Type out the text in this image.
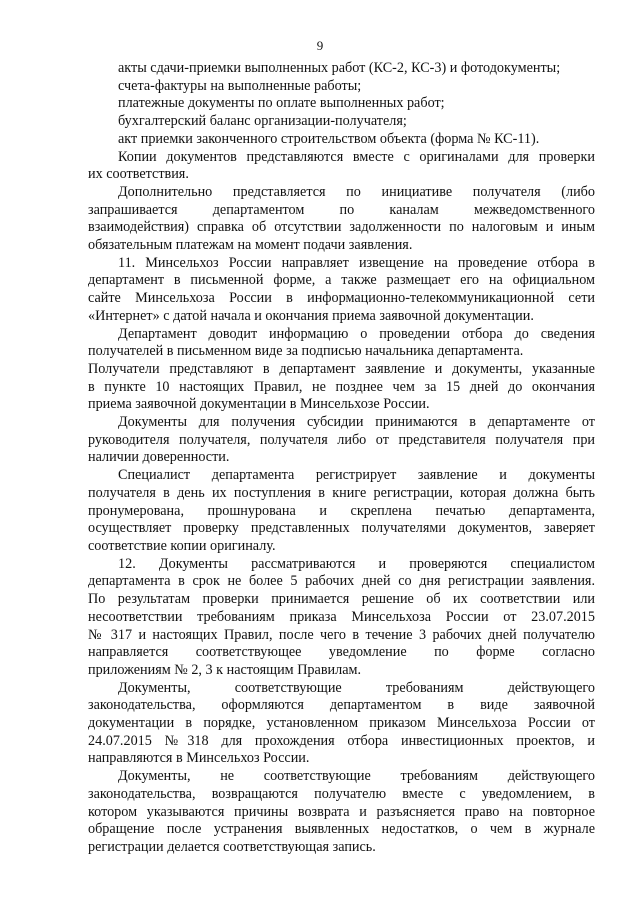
9
акты сдачи-приемки выполненных работ (КС-2, КС-3) и фотодокументы;
счета-фактуры на выполненные работы;
платежные документы по оплате выполненных работ;
бухгалтерский баланс организации-получателя;
акт приемки законченного строительством объекта (форма № КС-11).
Копии документов представляются вместе с оригиналами для проверки
их соответствия.
Дополнительно представляется по инициативе получателя (либо
запрашивается департаментом по каналам межведомственного
взаимодействия) справка об отсутствии задолженности по налоговым и иным
обязательным платежам на момент подачи заявления.
11. Минсельхоз России направляет извещение на проведение отбора в
департамент в письменной форме, а также размещает его на официальном
сайте Минсельхоза России в информационно-телекоммуникационной сети
«Интернет» с датой начала и окончания приема заявочной документации.
Департамент доводит информацию о проведении отбора до сведения
получателей в письменном виде за подписью начальника департамента.
Получатели представляют в департамент заявление и документы, указанные
в пункте 10 настоящих Правил, не позднее чем за 15 дней до окончания
приема заявочной документации в Минсельхозе России.
Документы для получения субсидии принимаются в департаменте от
руководителя получателя, получателя либо от представителя получателя при
наличии доверенности.
Специалист департамента регистрирует заявление и документы
получателя в день их поступления в книге регистрации, которая должна быть
пронумерована, прошнурована и скреплена печатью департамента,
осуществляет проверку представленных получателями документов, заверяет
соответствие копии оригиналу.
12. Документы рассматриваются и проверяются специалистом
департамента в срок не более 5 рабочих дней со дня регистрации заявления.
По результатам проверки принимается решение об их соответствии или
несоответствии требованиям приказа Минсельхоза России от 23.07.2015
№ 317 и настоящих Правил, после чего в течение 3 рабочих дней получателю
направляется соответствующее уведомление по форме согласно
приложениям № 2, 3 к настоящим Правилам.
Документы, соответствующие требованиям действующего
законодательства, оформляются департаментом в виде заявочной
документации в порядке, установленном приказом Минсельхоза России от
24.07.2015 №318 для прохождения отбора инвестиционных проектов, и
направляются в Минсельхоз России.
Документы, не соответствующие требованиям действующего
законодательства, возвращаются получателю вместе с уведомлением, в
котором указываются причины возврата и разъясняется право на повторное
обращение после устранения выявленных недостатков, о чем в журнале
регистрации делается соответствующая запись.
